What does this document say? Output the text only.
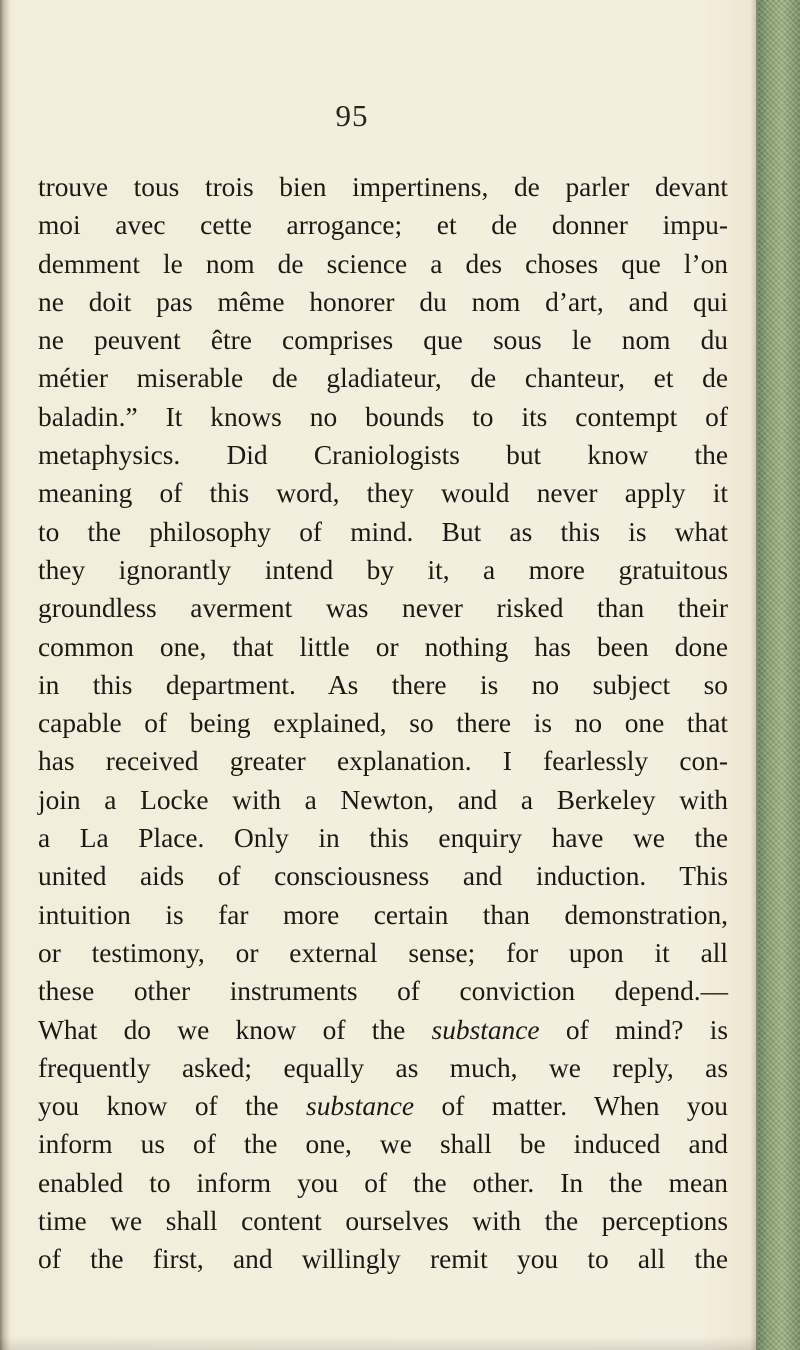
95
trouve tous trois bien impertinens, de parler devant
moi avec cette arrogance; et de donner impu-
demment le nom de science a des choses que l’on
ne doit pas même honorer du nom d’art, and qui
ne peuvent être comprises que sous le nom du
métier miserable de gladiateur, de chanteur, et de
baladin.” It knows no bounds to its contempt of
metaphysics. Did Craniologists but know the
meaning of this word, they would never apply it
to the philosophy of mind. But as this is what
they ignorantly intend by it, a more gratuitous
groundless averment was never risked than their
common one, that little or nothing has been done
in this department. As there is no subject so
capable of being explained, so there is no one that
has received greater explanation. I fearlessly con-
join a Locke with a Newton, and a Berkeley with
a La Place. Only in this enquiry have we the
united aids of consciousness and induction. This
intuition is far more certain than demonstration,
or testimony, or external sense; for upon it all
these other instruments of conviction depend.—
What do we know of the substance of mind? is
frequently asked; equally as much, we reply, as
you know of the substance of matter. When you
inform us of the one, we shall be induced and
enabled to inform you of the other. In the mean
time we shall content ourselves with the perceptions
of the first, and willingly remit you to all the
